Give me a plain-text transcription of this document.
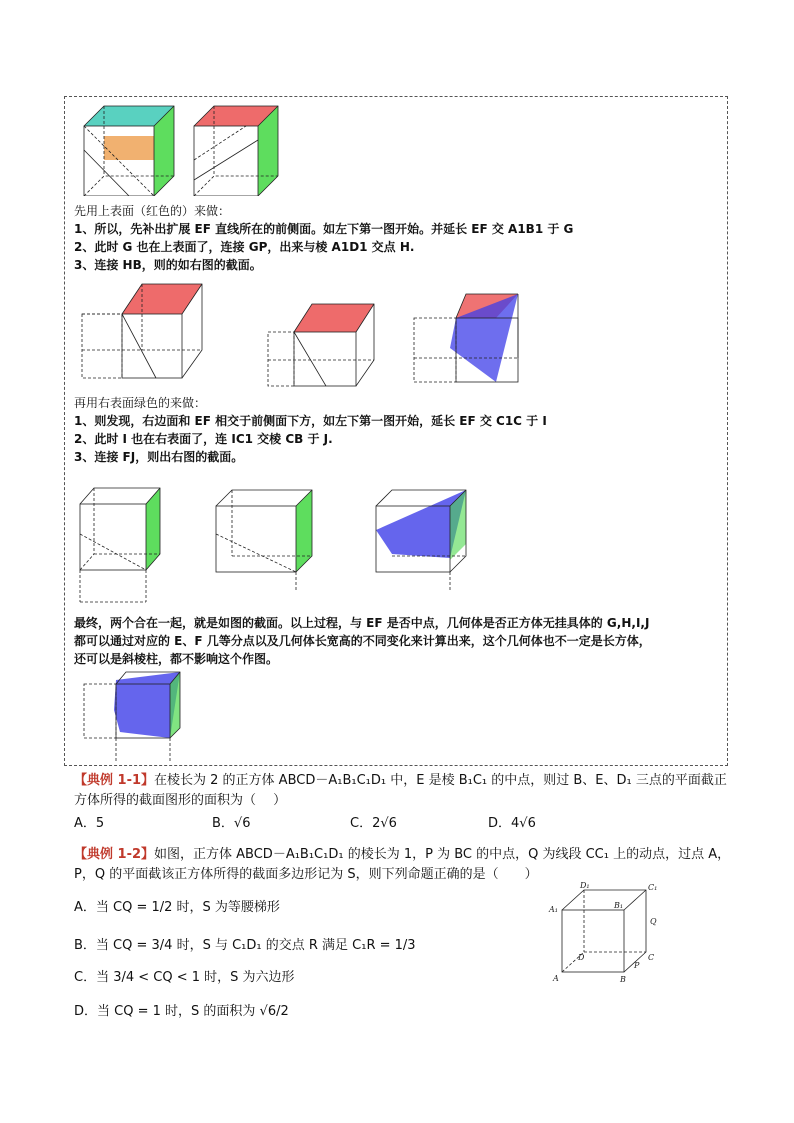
先用上表面（红色的）来做：
1、所以，先补出扩展 EF 直线所在的前侧面。如左下第一图开始。并延长 EF 交 A1B1 于 G
2、此时 G 也在上表面了，连接 GP，出来与棱 A1D1 交点 H.
3、连接 HB，则的如右图的截面。
再用右表面绿色的来做：
1、则发现，右边面和 EF 相交于前侧面下方，如左下第一图开始，延长 EF 交 C1C 于 I
2、此时 I 也在右表面了，连 IC1 交棱 CB 于 J.
3、连接 FJ，则出右图的截面。
最终，两个合在一起，就是如图的截面。以上过程，与 EF 是否中点，几何体是否正方体无挂具体的 G,H,I,J
都可以通过对应的 E、F 几等分点以及几何体长宽高的不同变化来计算出来，这个几何体也不一定是长方体，
还可以是斜棱柱，都不影响这个作图。
【典例 1-1】在棱长为 2 的正方体 ABCD－A₁B₁C₁D₁ 中，E 是棱 B₁C₁ 的中点，则过 B、E、D₁ 三点的平面截正
方体所得的截面图形的面积为（　 ）
A．5	B．√6	C．2√6	D．4√6
【典例 1-2】如图，正方体 ABCD－A₁B₁C₁D₁ 的棱长为 1，P 为 BC 的中点，Q 为线段 CC₁ 上的动点，过点 A，
P，Q 的平面截该正方体所得的截面多边形记为 S，则下列命题正确的是（　　）
A．当 CQ = 1/2 时，S 为等腰梯形
B．当 CQ = 3/4 时，S 与 C₁D₁ 的交点 R 满足 C₁R = 1/3
C．当 3/4 < CQ < 1 时，S 为六边形
D．当 CQ = 1 时，S 的面积为 √6/2
D₁	C₁
A₁	B₁
Q
D	C
P
A	B
